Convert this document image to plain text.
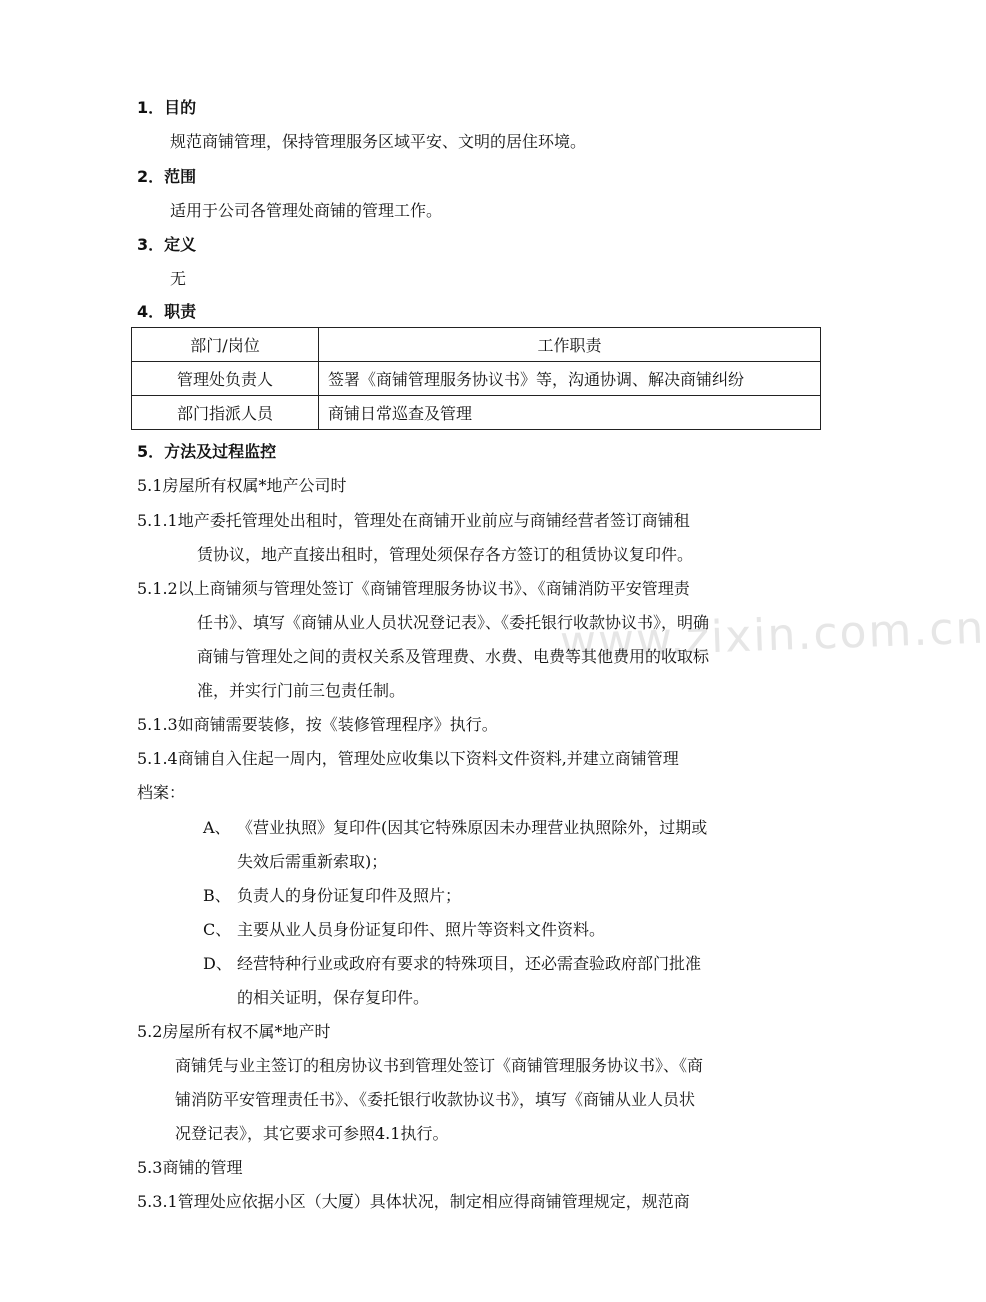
www.zixin.com.cn
1．目的
规范商铺管理，保持管理服务区域平安、文明的居住环境。
2．范围
适用于公司各管理处商铺的管理工作。
3．定义
无
4．职责
部门/岗位	工作职责
管理处负责人	签署《商铺管理服务协议书》等，沟通协调、解决商铺纠纷
部门指派人员	商铺日常巡查及管理
5．方法及过程监控
5.1房屋所有权属*地产公司时
5.1.1地产委托管理处出租时，管理处在商铺开业前应与商铺经营者签订商铺租
赁协议，地产直接出租时，管理处须保存各方签订的租赁协议复印件。
5.1.2以上商铺须与管理处签订《商铺管理服务协议书》、《商铺消防平安管理责
任书》、填写《商铺从业人员状况登记表》、《委托银行收款协议书》，明确
商铺与管理处之间的责权关系及管理费、水费、电费等其他费用的收取标
准，并实行门前三包责任制。
5.1.3如商铺需要装修，按《装修管理程序》执行。
5.1.4商铺自入住起一周内，管理处应收集以下资料文件资料,并建立商铺管理
档案：
A、 《营业执照》复印件(因其它特殊原因未办理营业执照除外，过期或
失效后需重新索取)；
B、 负责人的身份证复印件及照片；
C、 主要从业人员身份证复印件、照片等资料文件资料。
D、 经营特种行业或政府有要求的特殊项目，还必需查验政府部门批准
的相关证明，保存复印件。
5.2房屋所有权不属*地产时
商铺凭与业主签订的租房协议书到管理处签订《商铺管理服务协议书》、《商
铺消防平安管理责任书》、《委托银行收款协议书》，填写《商铺从业人员状
况登记表》，其它要求可参照4.1执行。
5.3商铺的管理
5.3.1管理处应依据小区（大厦）具体状况，制定相应得商铺管理规定，规范商
